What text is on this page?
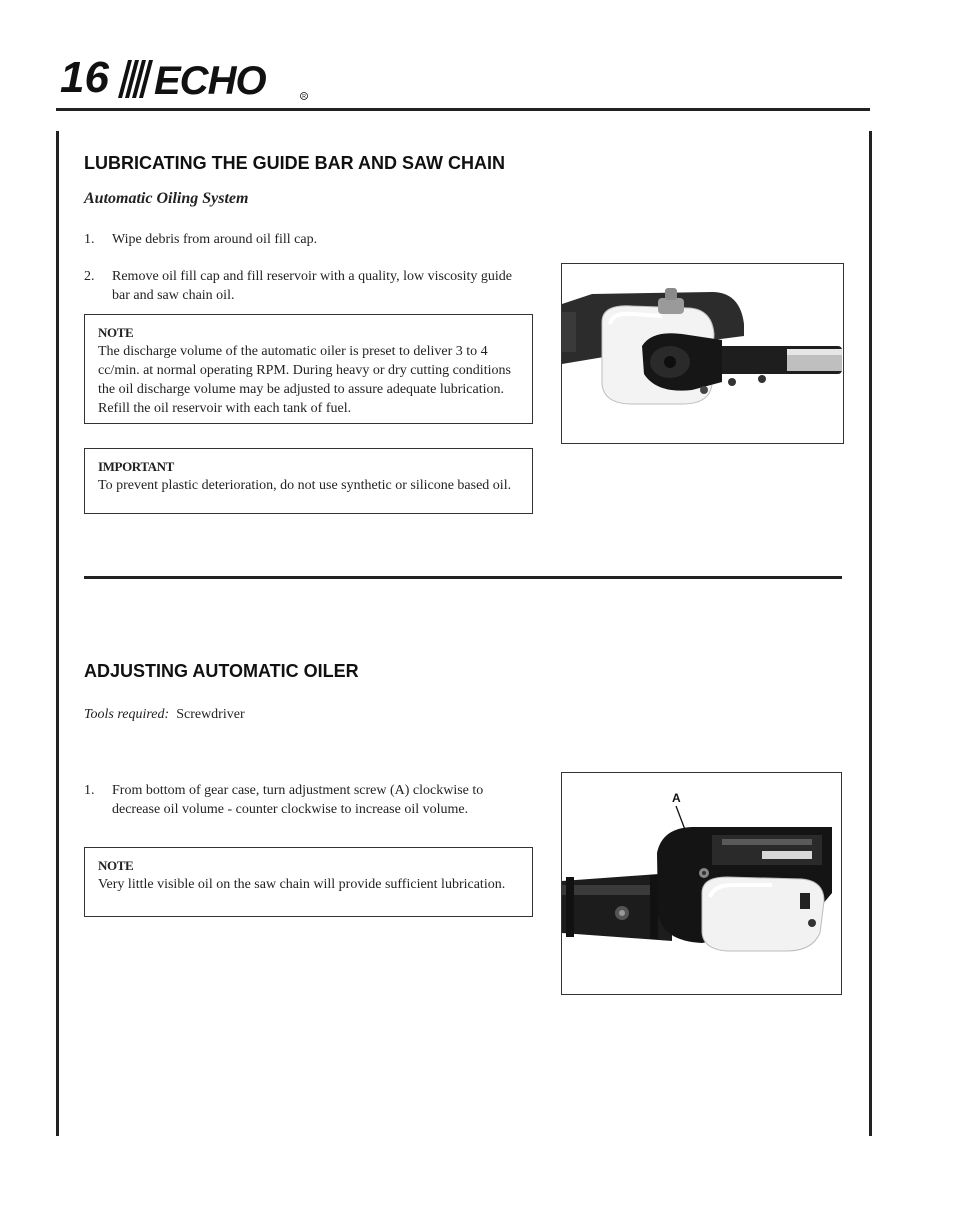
16 ECHO	R
LUBRICATING THE GUIDE BAR AND SAW CHAIN
Automatic Oiling System
1. Wipe debris from around oil fill cap.
2. Remove oil fill cap and fill reservoir with a quality, low viscosity guide bar and saw chain oil.
NOTE
The discharge volume of the automatic oiler is preset to deliver 3 to 4 cc/min. at normal operating RPM. During heavy or dry cutting conditions the oil discharge volume may be adjusted to assure adequate lubrication. Refill the oil reservoir with each tank of fuel.
IMPORTANT
To prevent plastic deterioration, do not use synthetic or silicone based oil.
ADJUSTING AUTOMATIC OILER
Tools required: Screwdriver
1. From bottom of gear case, turn adjustment screw (A) clockwise to decrease oil volume - counter clockwise to increase oil volume.
NOTE
Very little visible oil on the saw chain will provide sufficient lubrication.
A
